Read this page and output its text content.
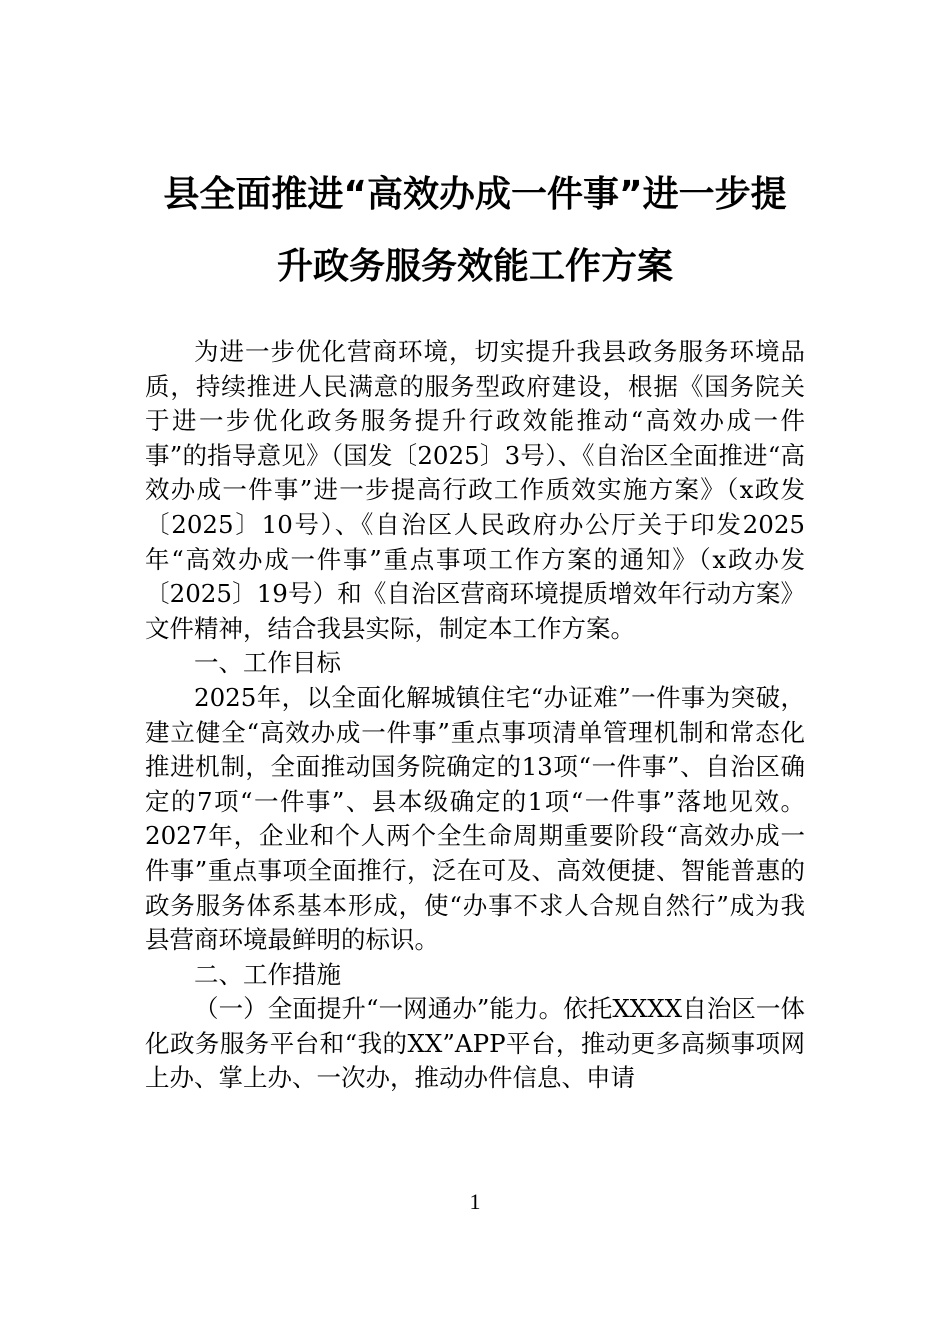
县全面推进“高效办成一件事”进一步提
升政务服务效能工作方案

为进一步优化营商环境，切实提升我县政务服务环境品质，持续推进人民满意的服务型政府建设，根据《国务院关于进一步优化政务服务提升行政效能推动“高效办成一件事”的指导意见》（国发〔2025〕3号）、《自治区全面推进“高效办成一件事”进一步提高行政工作质效实施方案》（x政发〔2025〕10号）、《自治区人民政府办公厅关于印发2025年“高效办成一件事”重点事项工作方案的通知》（x政办发〔2025〕19号）和《自治区营商环境提质增效年行动方案》文件精神，结合我县实际，制定本工作方案。

一、工作目标

2025年，以全面化解城镇住宅“办证难”一件事为突破，建立健全“高效办成一件事”重点事项清单管理机制和常态化推进机制，全面推动国务院确定的13项“一件事”、自治区确定的7项“一件事”、县本级确定的1项“一件事”落地见效。2027年，企业和个人两个全生命周期重要阶段“高效办成一件事”重点事项全面推行，泛在可及、高效便捷、智能普惠的政务服务体系基本形成，使“办事不求人合规自然行”成为我县营商环境最鲜明的标识。

二、工作措施

（一）全面提升“一网通办”能力。依托XXXX自治区一体化政务服务平台和“我的XX”APP平台，推动更多高频事项网上办、掌上办、一次办，推动办件信息、申请

1
